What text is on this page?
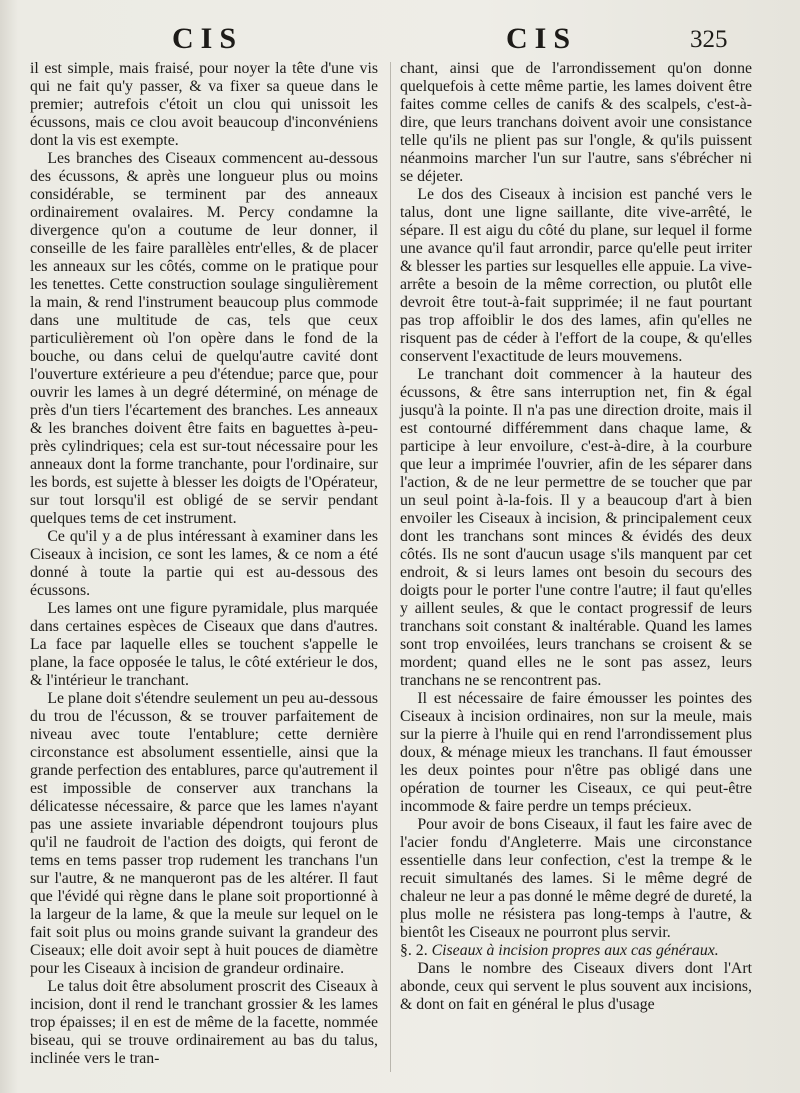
CIS	CIS	325

il est simple, mais fraisé, pour noyer la tête d'une vis qui ne fait qu'y passer, & va fixer sa queue dans le premier; autrefois c'étoit un clou qui unissoit les écussons, mais ce clou avoit beaucoup d'inconvéniens dont la vis est exempte.

Les branches des Ciseaux commencent au-dessous des écussons, & après une longueur plus ou moins considérable, se terminent par des anneaux ordinairement ovalaires. M. Percy condamne la divergence qu'on a coutume de leur donner, il conseille de les faire parallèles entr'elles, & de placer les anneaux sur les côtés, comme on le pratique pour les tenettes. Cette construction soulage singulièrement la main, & rend l'instrument beaucoup plus commode dans une multitude de cas, tels que ceux particulièrement où l'on opère dans le fond de la bouche, ou dans celui de quelqu'autre cavité dont l'ouverture extérieure a peu d'étendue; parce que, pour ouvrir les lames à un degré déterminé, on ménage de près d'un tiers l'écartement des branches. Les anneaux & les branches doivent être faits en baguettes à-peu-près cylindriques; cela est sur-tout nécessaire pour les anneaux dont la forme tranchante, pour l'ordinaire, sur les bords, est sujette à blesser les doigts de l'Opérateur, sur tout lorsqu'il est obligé de se servir pendant quelques tems de cet instrument.

Ce qu'il y a de plus intéressant à examiner dans les Ciseaux à incision, ce sont les lames, & ce nom a été donné à toute la partie qui est au-dessous des écussons.

Les lames ont une figure pyramidale, plus marquée dans certaines espèces de Ciseaux que dans d'autres. La face par laquelle elles se touchent s'appelle le plane, la face opposée le talus, le côté extérieur le dos, & l'intérieur le tranchant.

Le plane doit s'étendre seulement un peu au-dessous du trou de l'écusson, & se trouver parfaitement de niveau avec toute l'entablure; cette dernière circonstance est absolument essentielle, ainsi que la grande perfection des entablures, parce qu'autrement il est impossible de conserver aux tranchans la délicatesse nécessaire, & parce que les lames n'ayant pas une assiete invariable dépendront toujours plus qu'il ne faudroit de l'action des doigts, qui feront de tems en tems passer trop rudement les tranchans l'un sur l'autre, & ne manqueront pas de les altérer. Il faut que l'évidé qui règne dans le plane soit proportionné à la largeur de la lame, & que la meule sur lequel on le fait soit plus ou moins grande suivant la grandeur des Ciseaux; elle doit avoir sept à huit pouces de diamètre pour les Ciseaux à incision de grandeur ordinaire.

Le talus doit être absolument proscrit des Ciseaux à incision, dont il rend le tranchant grossier & les lames trop épaisses; il en est de même de la facette, nommée biseau, qui se trouve ordinairement au bas du talus, inclinée vers le tran-

chant, ainsi que de l'arrondissement qu'on donne quelquefois à cette même partie, les lames doivent être faites comme celles de canifs & des scalpels, c'est-à-dire, que leurs tranchans doivent avoir une consistance telle qu'ils ne plient pas sur l'ongle, & qu'ils puissent néanmoins marcher l'un sur l'autre, sans s'ébrécher ni se déjeter.

Le dos des Ciseaux à incision est panché vers le talus, dont une ligne saillante, dite vive-arrêté, le sépare. Il est aigu du côté du plane, sur lequel il forme une avance qu'il faut arrondir, parce qu'elle peut irriter & blesser les parties sur lesquelles elle appuie. La vive-arrête a besoin de la même correction, ou plutôt elle devroit être tout-à-fait supprimée; il ne faut pourtant pas trop affoiblir le dos des lames, afin qu'elles ne risquent pas de céder à l'effort de la coupe, & qu'elles conservent l'exactitude de leurs mouvemens.

Le tranchant doit commencer à la hauteur des écussons, & être sans interruption net, fin & égal jusqu'à la pointe. Il n'a pas une direction droite, mais il est contourné différemment dans chaque lame, & participe à leur envoilure, c'est-à-dire, à la courbure que leur a imprimée l'ouvrier, afin de les séparer dans l'action, & de ne leur permettre de se toucher que par un seul point à-la-fois. Il y a beaucoup d'art à bien envoiler les Ciseaux à incision, & principalement ceux dont les tranchans sont minces & évidés des deux côtés. Ils ne sont d'aucun usage s'ils manquent par cet endroit, & si leurs lames ont besoin du secours des doigts pour le porter l'une contre l'autre; il faut qu'elles y aillent seules, & que le contact progressif de leurs tranchans soit constant & inaltérable. Quand les lames sont trop envoilées, leurs tranchans se croisent & se mordent; quand elles ne le sont pas assez, leurs tranchans ne se rencontrent pas.

Il est nécessaire de faire émousser les pointes des Ciseaux à incision ordinaires, non sur la meule, mais sur la pierre à l'huile qui en rend l'arrondissement plus doux, & ménage mieux les tranchans. Il faut émousser les deux pointes pour n'être pas obligé dans une opération de tourner les Ciseaux, ce qui peut-être incommode & faire perdre un temps précieux.

Pour avoir de bons Ciseaux, il faut les faire avec de l'acier fondu d'Angleterre. Mais une circonstance essentielle dans leur confection, c'est la trempe & le recuit simultanés des lames. Si le même degré de chaleur ne leur a pas donné le même degré de dureté, la plus molle ne résistera pas long-temps à l'autre, & bientôt les Ciseaux ne pourront plus servir.

§. 2. Ciseaux à incision propres aux cas généraux.

Dans le nombre des Ciseaux divers dont l'Art abonde, ceux qui servent le plus souvent aux incisions, & dont on fait en général le plus d'usage
